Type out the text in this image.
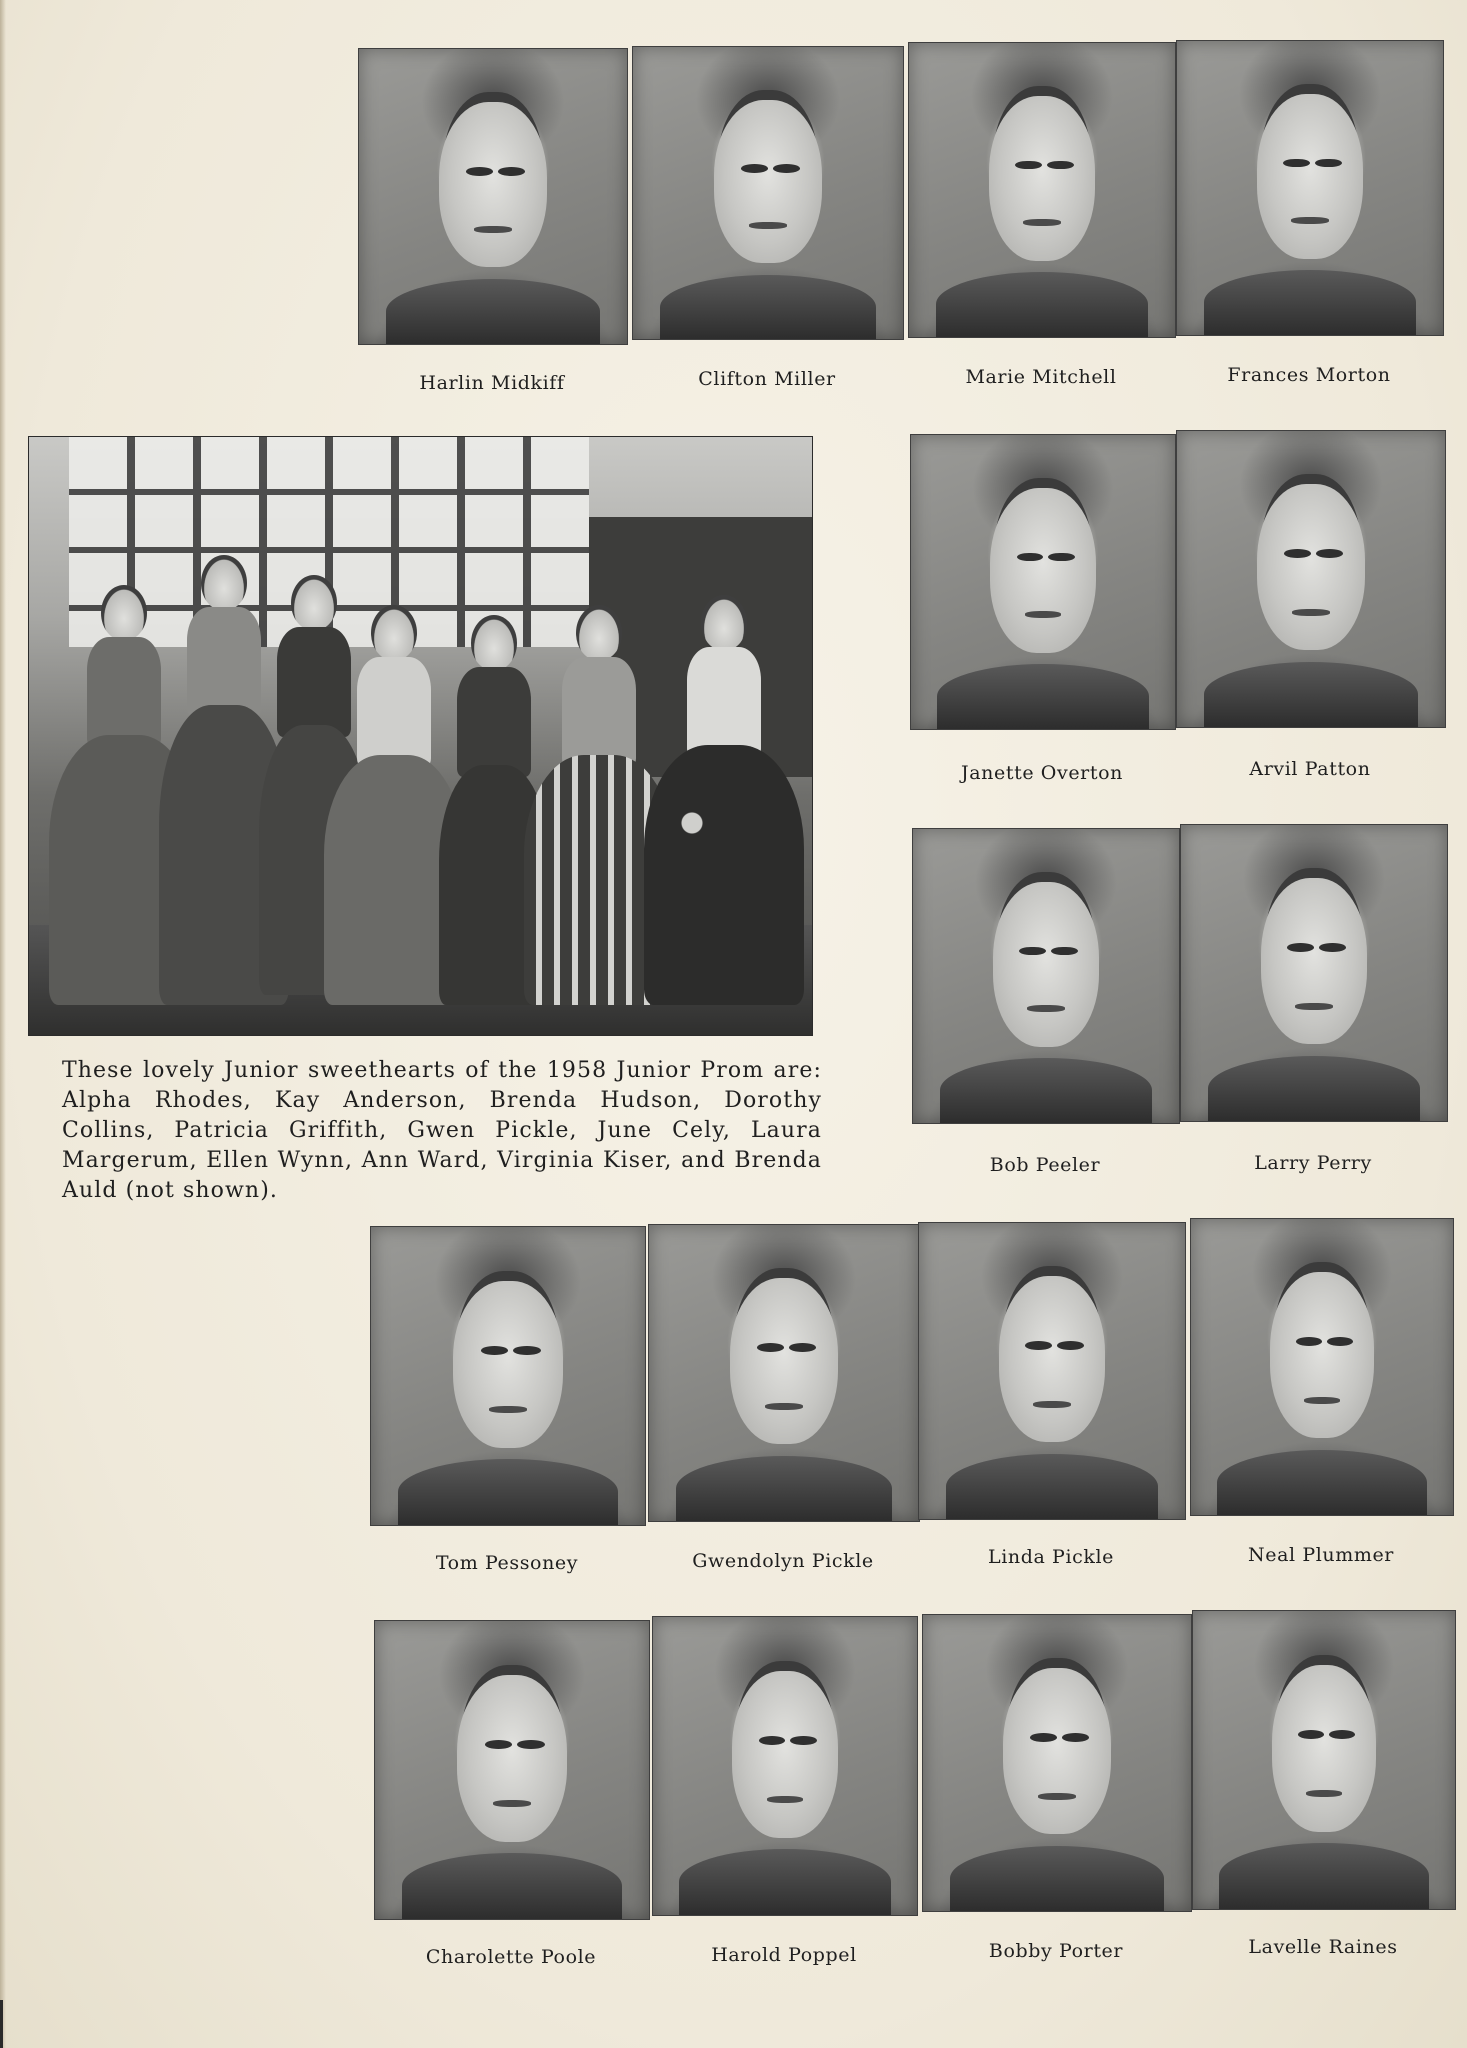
Harlin Midkiff	Clifton Miller	Marie Mitchell	Frances Morton
These lovely Junior sweethearts of the 1958 Junior Prom are: Alpha Rhodes, Kay Anderson, Brenda Hudson, Dorothy Collins, Patricia Griffith, Gwen Pickle, June Cely, Laura Margerum, Ellen Wynn, Ann Ward, Virginia Kiser, and Brenda Auld (not shown).
Janette Overton	Arvil Patton
Bob Peeler	Larry Perry
Tom Pessoney	Gwendolyn Pickle	Linda Pickle	Neal Plummer
Charolette Poole	Harold Poppel	Bobby Porter	Lavelle Raines
